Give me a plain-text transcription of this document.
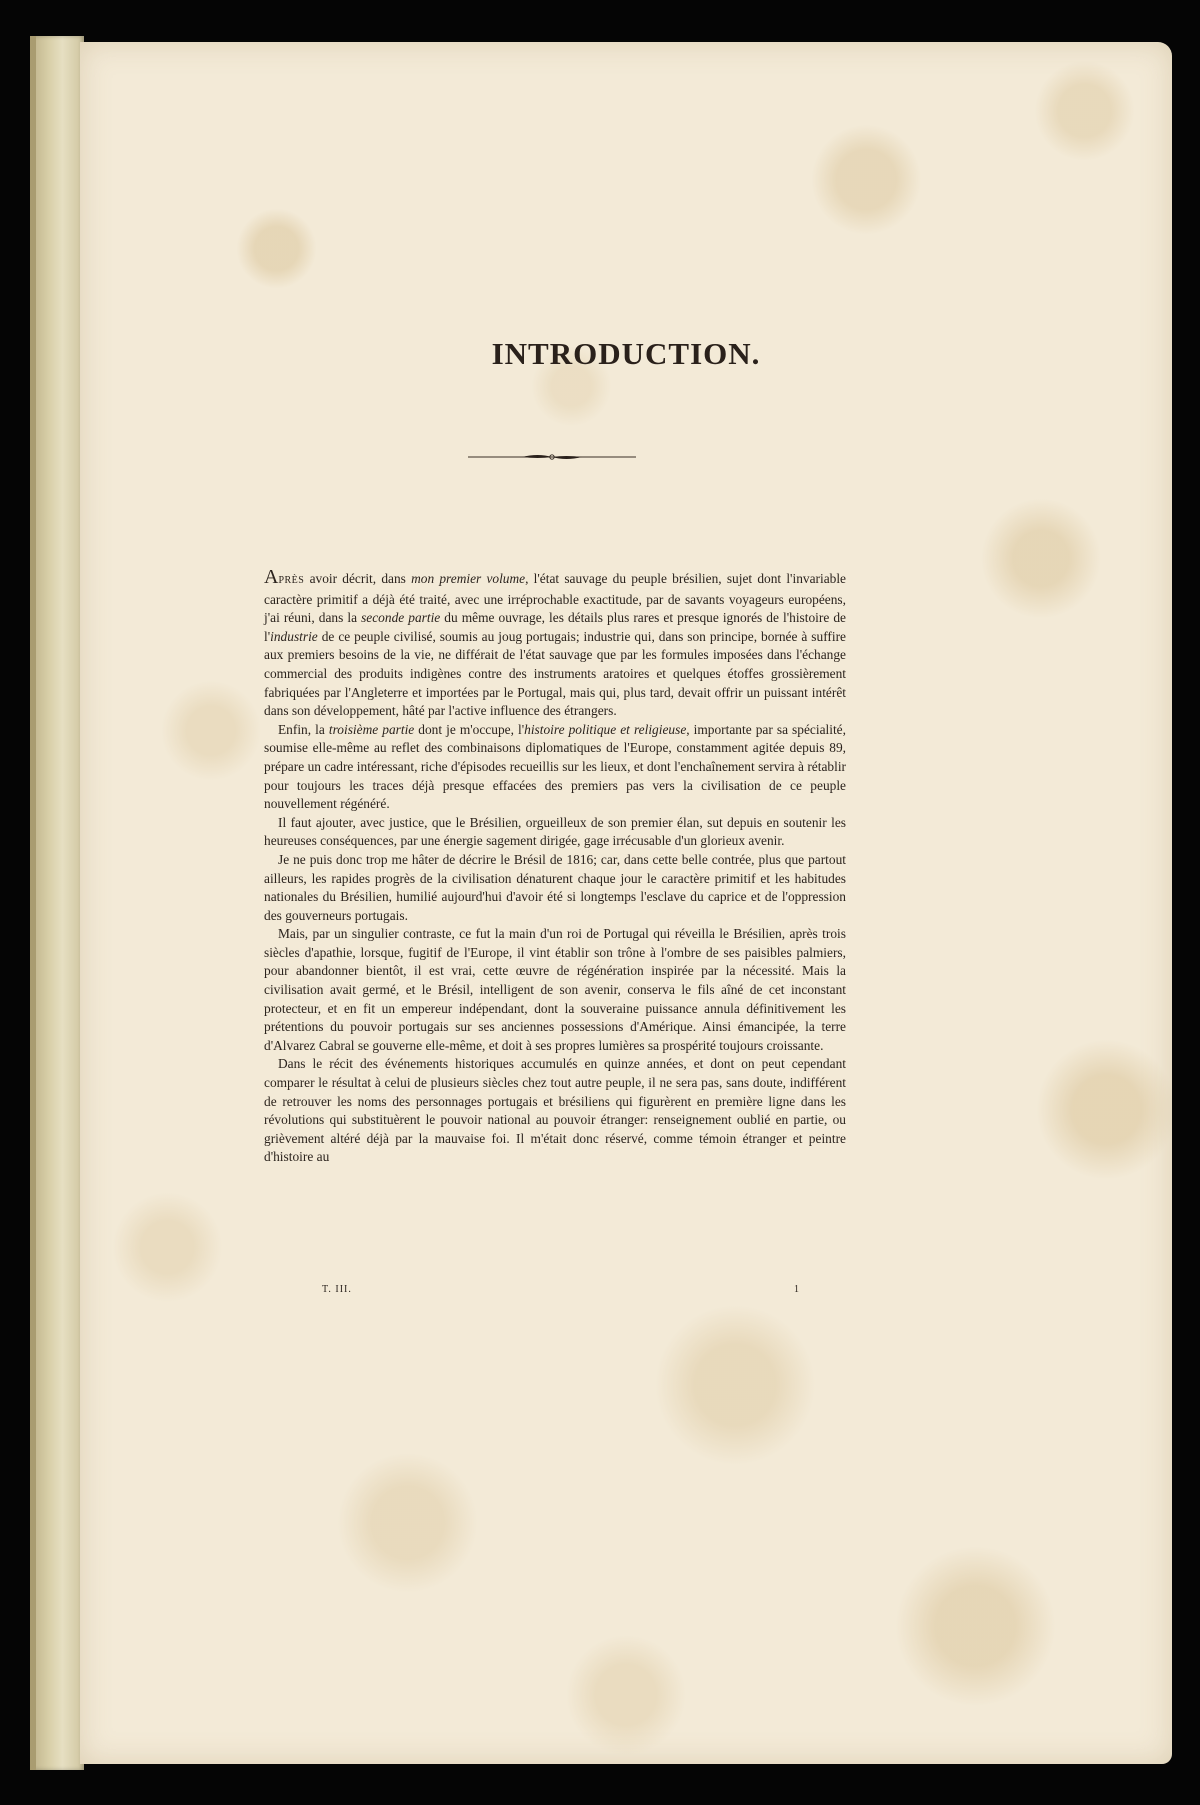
INTRODUCTION.

APRÈS avoir décrit, dans mon premier volume, l'état sauvage du peuple brésilien, sujet dont l'invariable caractère primitif a déjà été traité, avec une irréprochable exactitude, par de savants voyageurs européens, j'ai réuni, dans la seconde partie du même ouvrage, les détails plus rares et presque ignorés de l'histoire de l'industrie de ce peuple civilisé, soumis au joug portugais; industrie qui, dans son principe, bornée à suffire aux premiers besoins de la vie, ne différait de l'état sauvage que par les formules imposées dans l'échange commercial des produits indigènes contre des instruments aratoires et quelques étoffes grossièrement fabriquées par l'Angleterre et importées par le Portugal, mais qui, plus tard, devait offrir un puissant intérêt dans son développement, hâté par l'active influence des étrangers.

Enfin, la troisième partie dont je m'occupe, l'histoire politique et religieuse, importante par sa spécialité, soumise elle-même au reflet des combinaisons diplomatiques de l'Europe, constamment agitée depuis 89, prépare un cadre intéressant, riche d'épisodes recueillis sur les lieux, et dont l'enchaînement servira à rétablir pour toujours les traces déjà presque effacées des premiers pas vers la civilisation de ce peuple nouvellement régénéré.

Il faut ajouter, avec justice, que le Brésilien, orgueilleux de son premier élan, sut depuis en soutenir les heureuses conséquences, par une énergie sagement dirigée, gage irrécusable d'un glorieux avenir.

Je ne puis donc trop me hâter de décrire le Brésil de 1816; car, dans cette belle contrée, plus que partout ailleurs, les rapides progrès de la civilisation dénaturent chaque jour le caractère primitif et les habitudes nationales du Brésilien, humilié aujourd'hui d'avoir été si longtemps l'esclave du caprice et de l'oppression des gouverneurs portugais.

Mais, par un singulier contraste, ce fut la main d'un roi de Portugal qui réveilla le Brésilien, après trois siècles d'apathie, lorsque, fugitif de l'Europe, il vint établir son trône à l'ombre de ses paisibles palmiers, pour abandonner bientôt, il est vrai, cette œuvre de régénération inspirée par la nécessité. Mais la civilisation avait germé, et le Brésil, intelligent de son avenir, conserva le fils aîné de cet inconstant protecteur, et en fit un empereur indépendant, dont la souveraine puissance annula définitivement les prétentions du pouvoir portugais sur ses anciennes possessions d'Amérique. Ainsi émancipée, la terre d'Alvarez Cabral se gouverne elle-même, et doit à ses propres lumières sa prospérité toujours croissante.

Dans le récit des événements historiques accumulés en quinze années, et dont on peut cependant comparer le résultat à celui de plusieurs siècles chez tout autre peuple, il ne sera pas, sans doute, indifférent de retrouver les noms des personnages portugais et brésiliens qui figurèrent en première ligne dans les révolutions qui substituèrent le pouvoir national au pouvoir étranger: renseignement oublié en partie, ou grièvement altéré déjà par la mauvaise foi. Il m'était donc réservé, comme témoin étranger et peintre d'histoire au

T. III.	1
